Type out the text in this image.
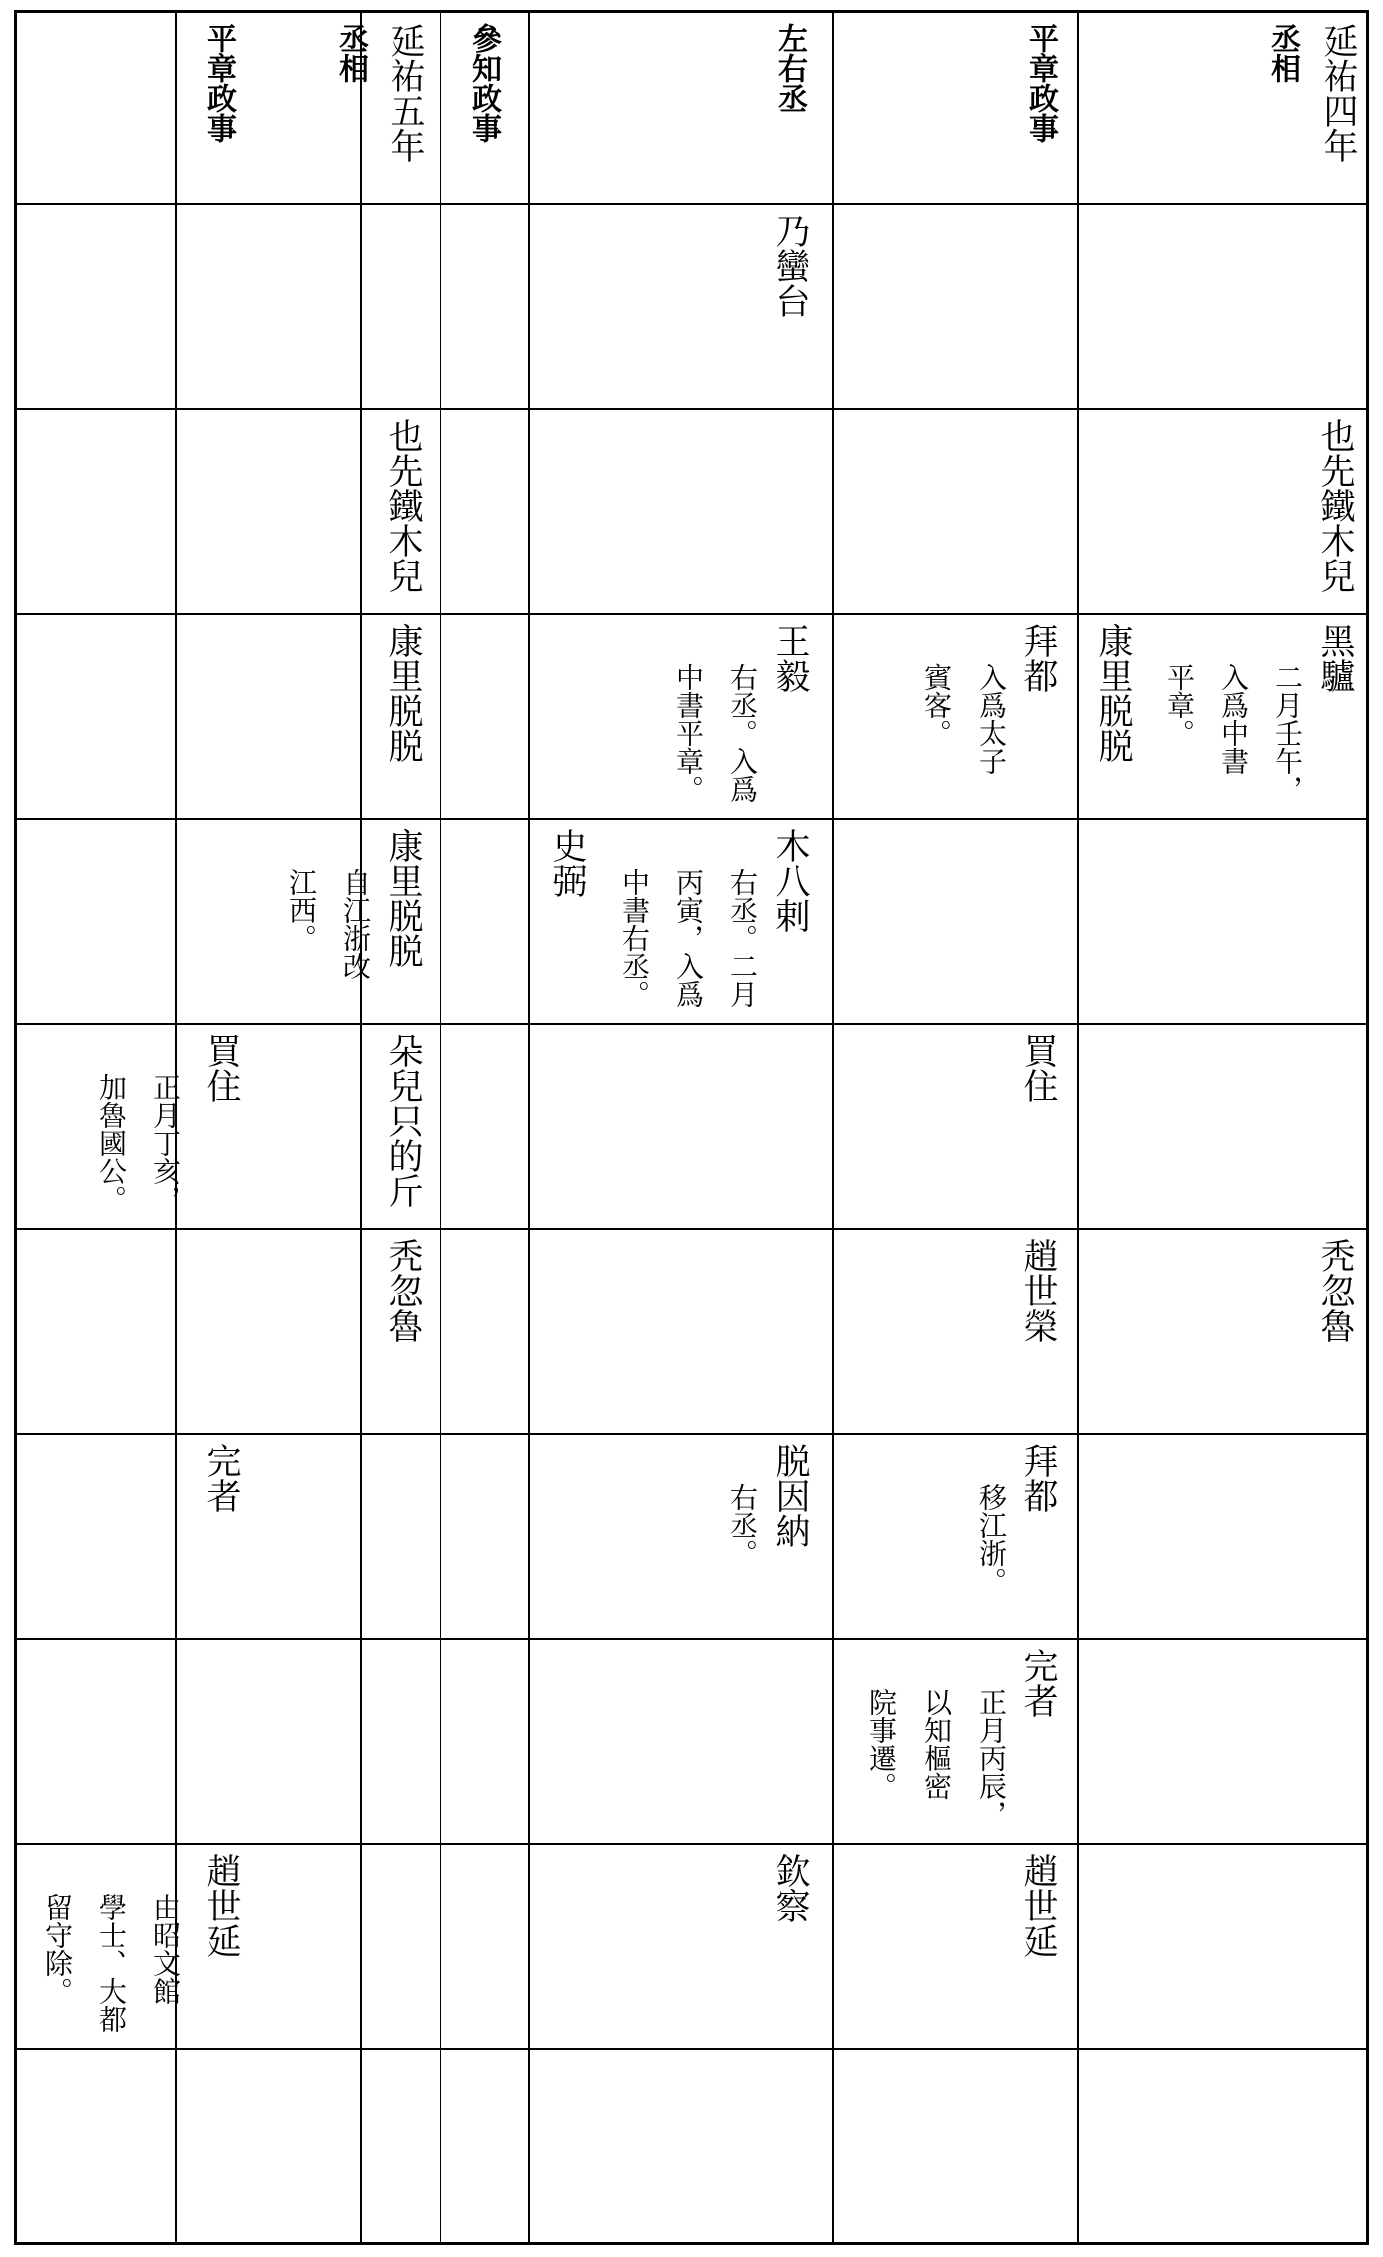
延祐四年
丞相
平章政事
左右丞
參知政事
延祐五年
丞相
平章政事
乃蠻台
也先鐵木兒
也先鐵木兒
黑驢
二月壬午，
入爲中書
平章。
康里脱脱
拜都
入爲太子
賓客。
王毅
右丞。入爲
中書平章。
康里脱脱
木八剌
右丞。二月
丙寅，入爲
中書右丞。
史弼
康里脱脱
自江浙改
江西。
買住
朵兒只的斤
買住
正月丁亥，
加魯國公。
秃忽魯
趙世榮
秃忽魯
拜都
移江浙。
脱因納
右丞。
完者
完者
正月丙辰，
以知樞密
院事遷。
趙世延
欽察
趙世延
由昭文館
學士、大都
留守除。
